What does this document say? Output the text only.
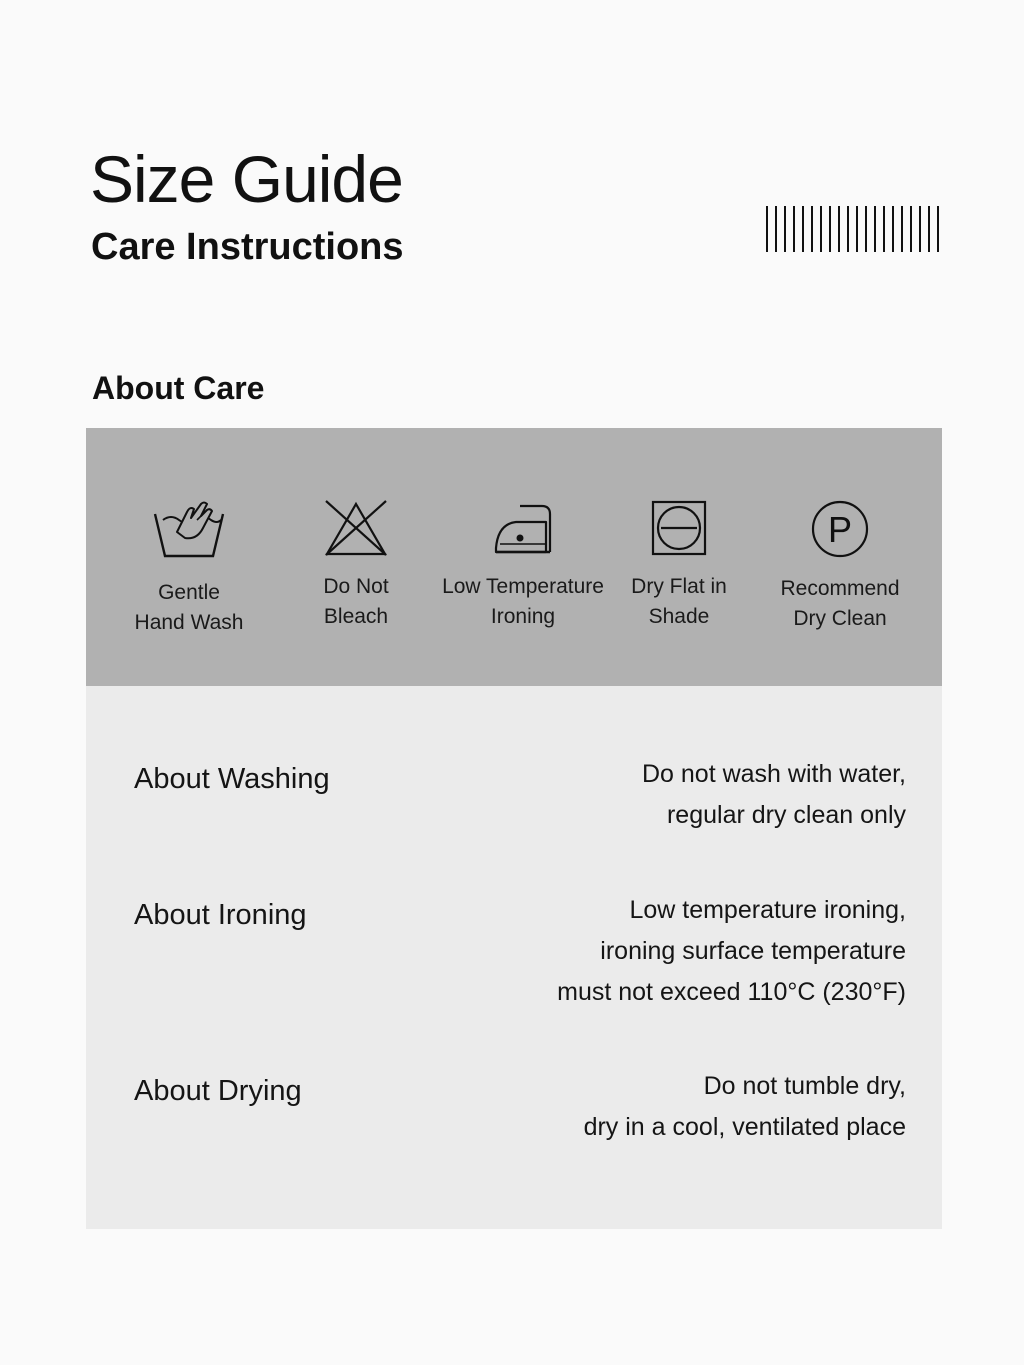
Size Guide
Care Instructions
About Care
Gentle
Hand Wash
Do Not
Bleach
Low Temperature
Ironing
Dry Flat in
Shade
P
Recommend
Dry Clean
About Washing	Do not wash with water,
regular dry clean only
About Ironing	Low temperature ironing,
ironing surface temperature
must not exceed 110°C (230°F)
About Drying	Do not tumble dry,
dry in a cool, ventilated place
